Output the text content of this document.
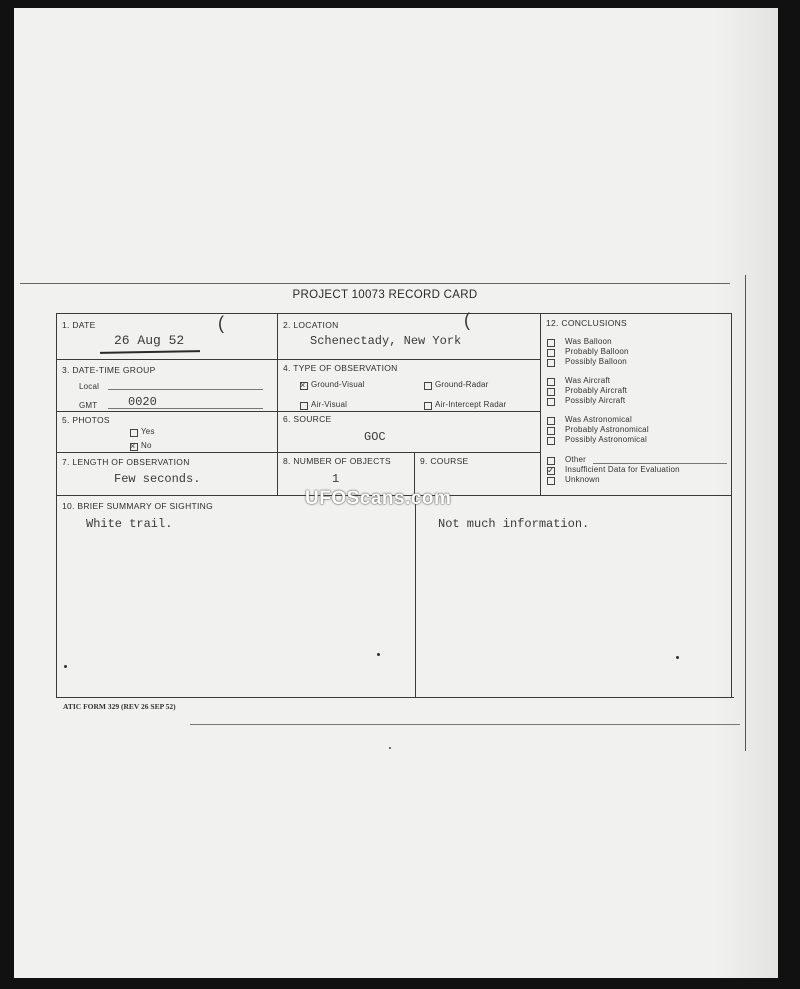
PROJECT 10073 RECORD CARD
1. DATE
26 Aug 52
(	(
2. LOCATION
Schenectady, New York
3. DATE-TIME GROUP
Local
GMT	0020
4. TYPE OF OBSERVATION
× Ground-Visual	Ground-Radar
Air-Visual	Air-Intercept Radar
5. PHOTOS
Yes
× No
6. SOURCE
GOC
7. LENGTH OF OBSERVATION
Few seconds.
8. NUMBER OF OBJECTS
1
9. COURSE
10. BRIEF SUMMARY OF SIGHTING
White trail.	Not much information.
12. CONCLUSIONS
Was Balloon
Probably Balloon
Possibly Balloon
Was Aircraft
Probably Aircraft
Possibly Aircraft
Was Astronomical
Probably Astronomical
Possibly Astronomical
Other
✓ Insufficient Data for Evaluation
Unknown
ATIC FORM 329 (REV 26 SEP 52)
UFOScans.com
